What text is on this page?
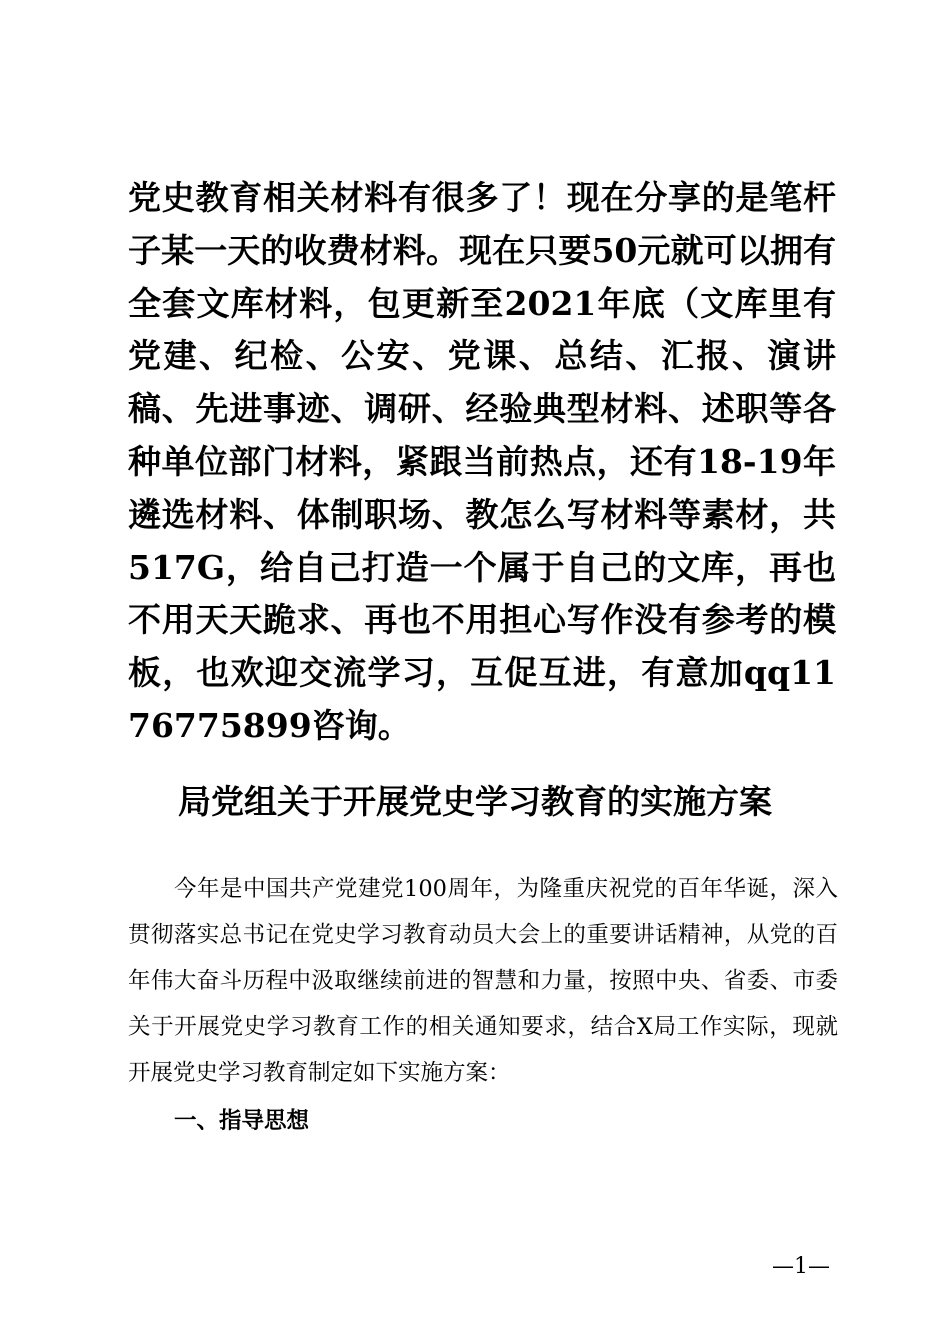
党史教育相关材料有很多了！现在分享的是笔杆子某一天的收费材料。现在只要50元就可以拥有全套文库材料，包更新至2021年底（文库里有党建、纪检、公安、党课、总结、汇报、演讲稿、先进事迹、调研、经验典型材料、述职等各种单位部门材料，紧跟当前热点，还有18-19年遴选材料、体制职场、教怎么写材料等素材，共517G，给自己打造一个属于自己的文库，再也不用天天跪求、再也不用担心写作没有参考的模板，也欢迎交流学习，互促互进，有意加qq1176775899咨询。
局党组关于开展党史学习教育的实施方案
今年是中国共产党建党100周年，为隆重庆祝党的百年华诞，深入贯彻落实总书记在党史学习教育动员大会上的重要讲话精神，从党的百年伟大奋斗历程中汲取继续前进的智慧和力量，按照中央、省委、市委关于开展党史学习教育工作的相关通知要求，结合X局工作实际，现就开展党史学习教育制定如下实施方案：
一、指导思想
—1—
